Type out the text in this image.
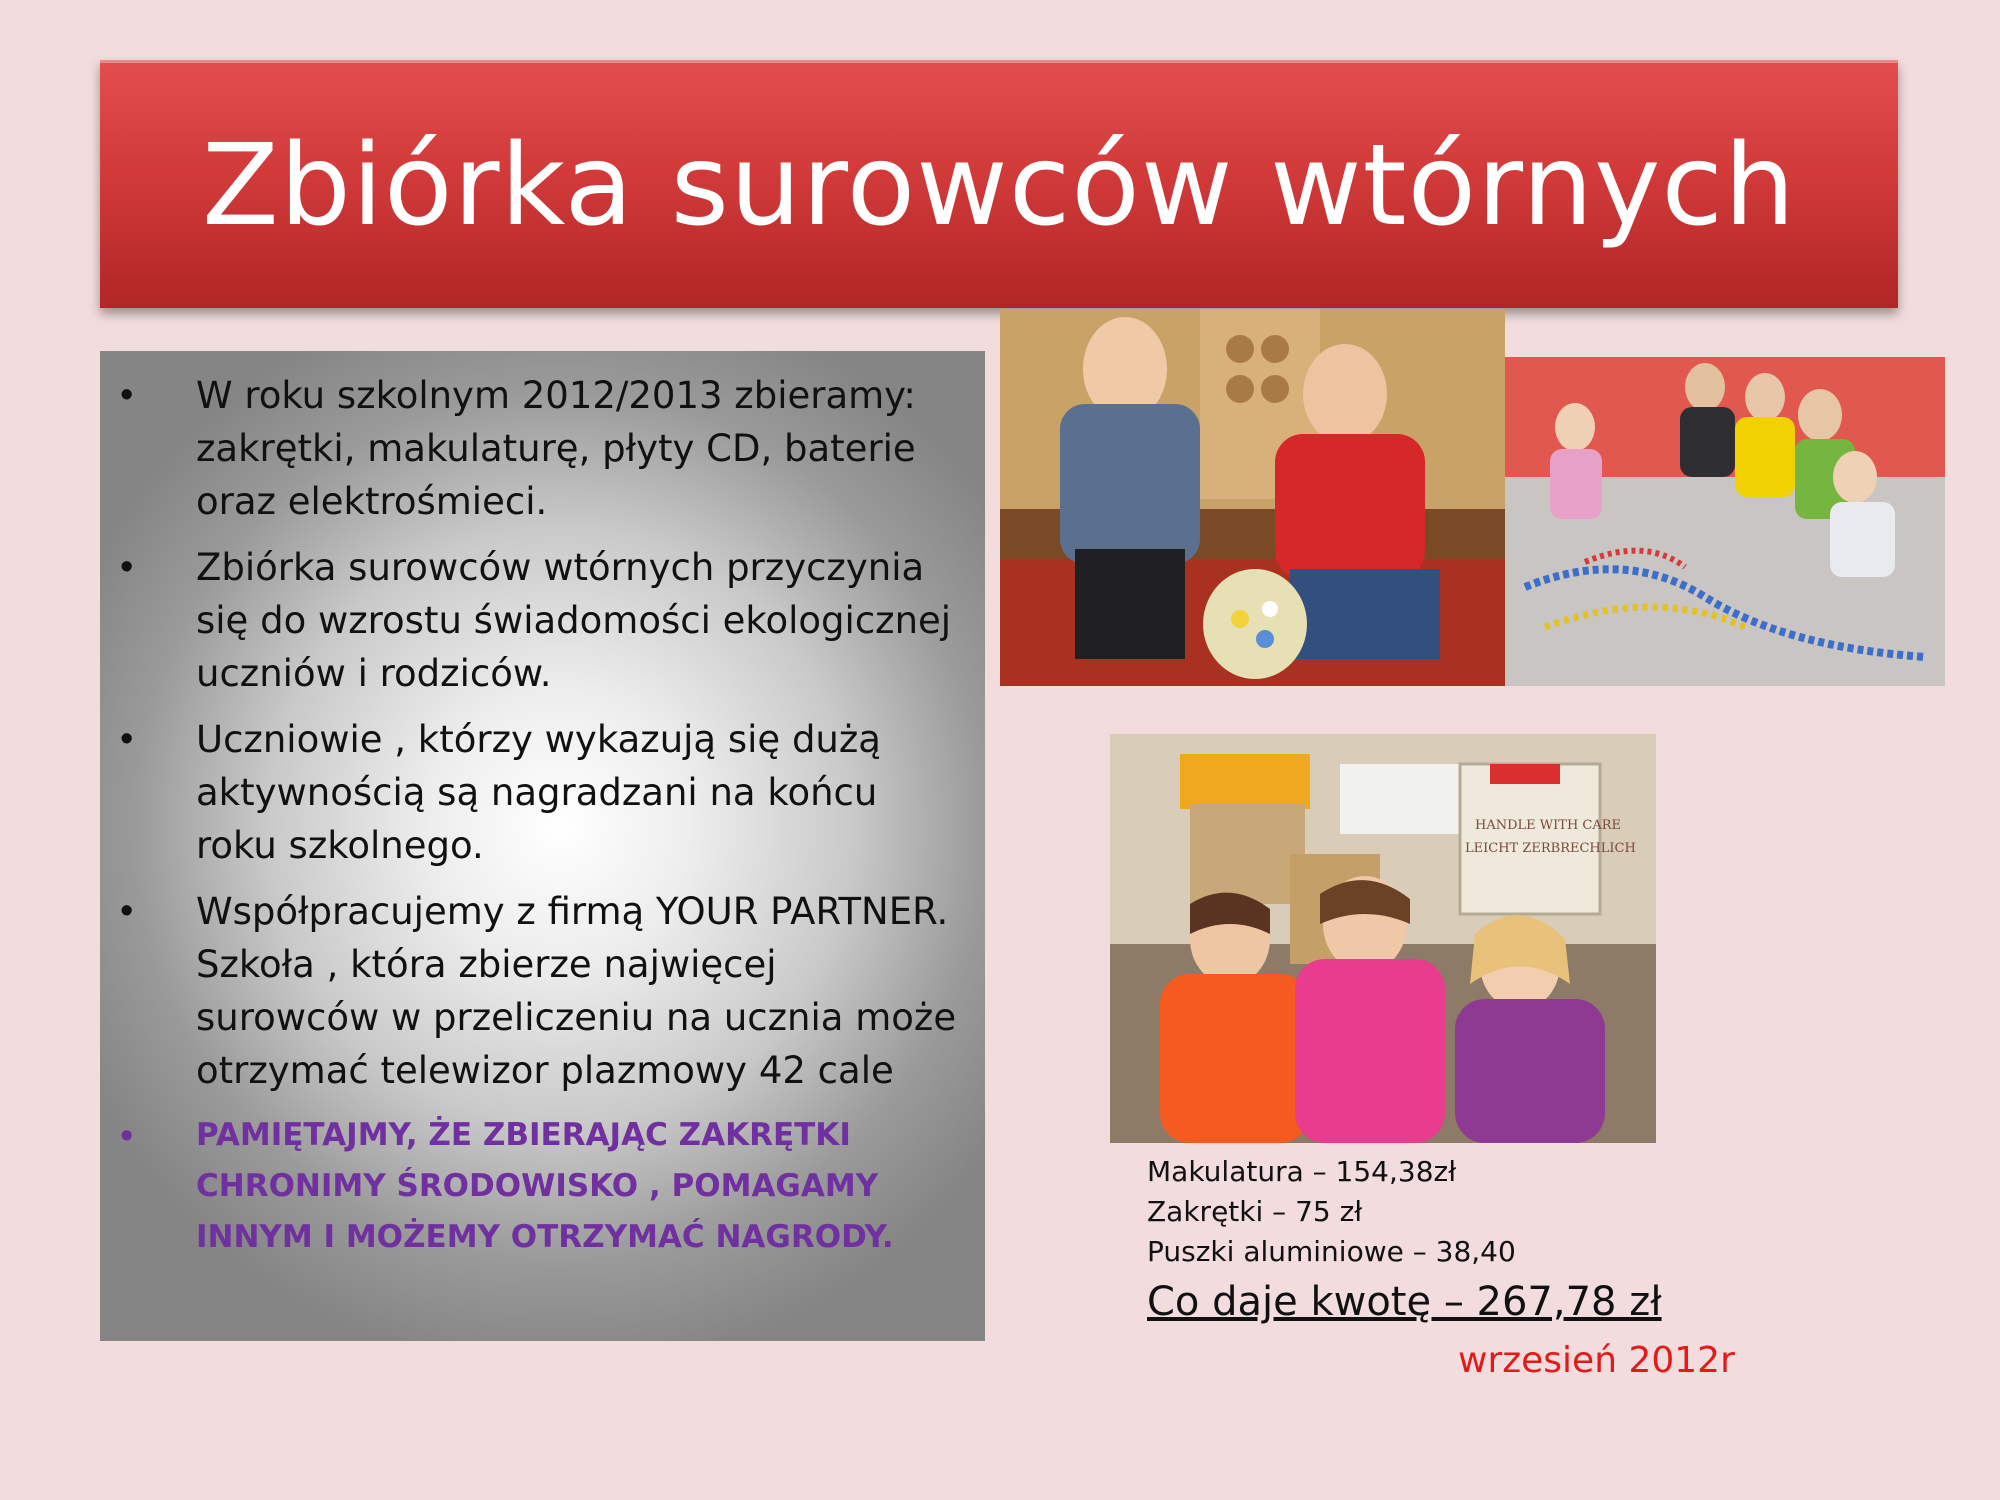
Zbiórka surowców wtórnych
• W roku szkolnym 2012/2013 zbieramy: zakrętki, makulaturę, płyty CD, baterie oraz elektrośmieci.
• Zbiórka surowców wtórnych przyczynia się do wzrostu świadomości ekologicznej uczniów i rodziców.
• Uczniowie , którzy wykazują się dużą aktywnością są nagradzani na końcu roku szkolnego.
• Współpracujemy z firmą YOUR PARTNER. Szkoła , która zbierze najwięcej surowców w przeliczeniu na ucznia może otrzymać telewizor plazmowy 42 cale
• PAMIĘTAJMY, ŻE ZBIERAJĄC ZAKRĘTKI CHRONIMY ŚRODOWISKO , POMAGAMY INNYM I MOŻEMY OTRZYMAĆ NAGRODY.
HANDLE WITH CARE
LEICHT ZERBRECHLICH
Makulatura – 154,38zł
Zakrętki – 75 zł
Puszki aluminiowe – 38,40
Co daje kwotę – 267,78 zł
wrzesień 2012r
